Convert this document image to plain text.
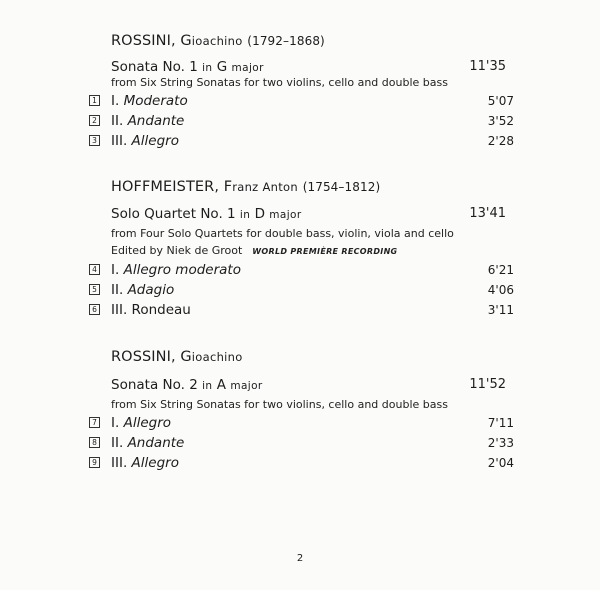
ROSSINI, Gioachino (1792–1868)
Sonata No. 1 in G major	11'35
from Six String Sonatas for two violins, cello and double bass
1 I. Moderato	5'07
2 II. Andante	3'52
3 III. Allegro	2'28
HOFFMEISTER, Franz Anton (1754–1812)
Solo Quartet No. 1 in D major	13'41
from Four Solo Quartets for double bass, violin, viola and cello
Edited by Niek de Groot WORLD PREMIÈRE RECORDING
4 I. Allegro moderato	6'21
5 II. Adagio	4'06
6 III. Rondeau	3'11
ROSSINI, Gioachino
Sonata No. 2 in A major	11'52
from Six String Sonatas for two violins, cello and double bass
7 I. Allegro	7'11
8 II. Andante	2'33
9 III. Allegro	2'04
2
